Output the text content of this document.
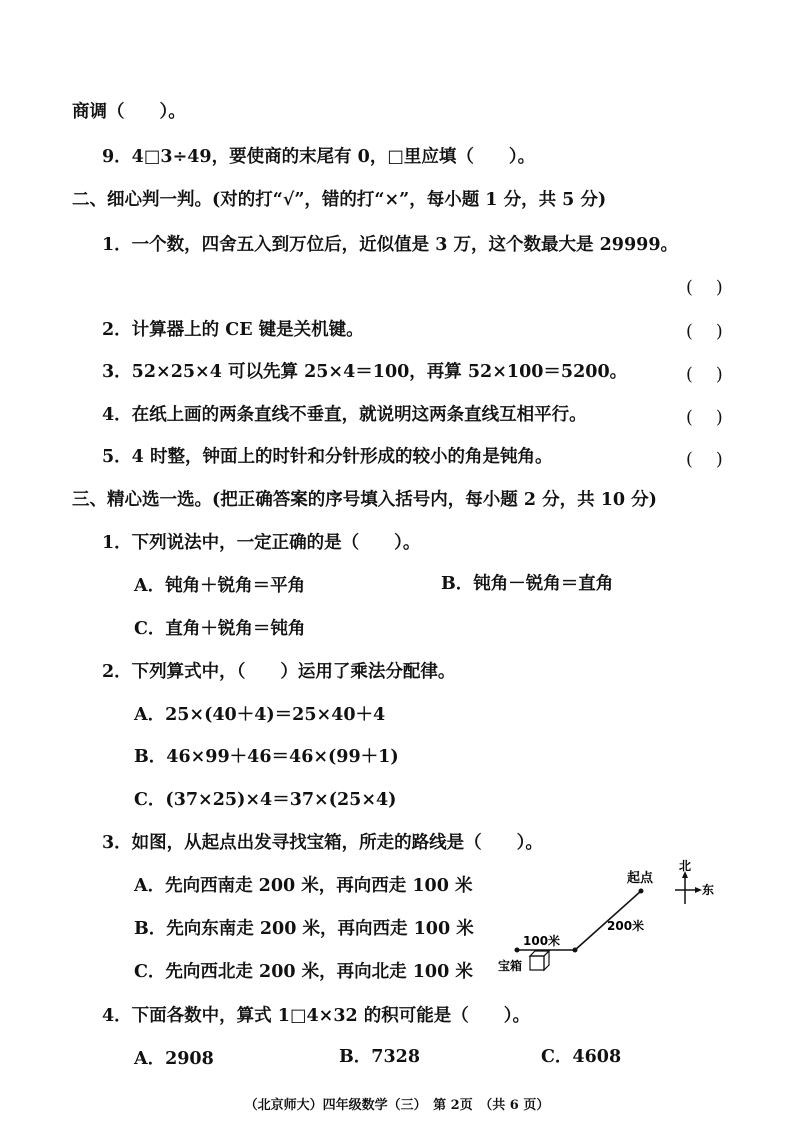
商调（　　）。
9．4□3÷49，要使商的末尾有 0，□里应填（　　）。
二、细心判一判。(对的打“√”，错的打“×”，每小题 1 分，共 5 分)
1．一个数，四舍五入到万位后，近似值是 3 万，这个数最大是 29999。
(　 )
2．计算器上的 CE 键是关机键。	(　 )
3．52×25×4 可以先算 25×4＝100，再算 52×100＝5200。	(　 )
4．在纸上画的两条直线不垂直，就说明这两条直线互相平行。	(　 )
5．4 时整，钟面上的时针和分针形成的较小的角是钝角。	(　 )
三、精心选一选。(把正确答案的序号填入括号内，每小题 2 分，共 10 分)
1．下列说法中，一定正确的是（　　）。
A．钝角＋锐角＝平角	B．钝角－锐角＝直角
C．直角＋锐角＝钝角
2．下列算式中，（　　）运用了乘法分配律。
A．25×(40＋4)＝25×40＋4
B．46×99＋46＝46×(99＋1)
C．(37×25)×4＝37×(25×4)
3．如图，从起点出发寻找宝箱，所走的路线是（　　）。
A．先向西南走 200 米，再向西走 100 米
B．先向东南走 200 米，再向西走 100 米
C．先向西北走 200 米，再向北走 100 米
起点
200米
100米
宝箱
北
东
4．下面各数中，算式 1□4×32 的积可能是（　　）。
A．2908	B．7328	C．4608
（北京师大）四年级数学（三）　第 2页　（共 6 页）
